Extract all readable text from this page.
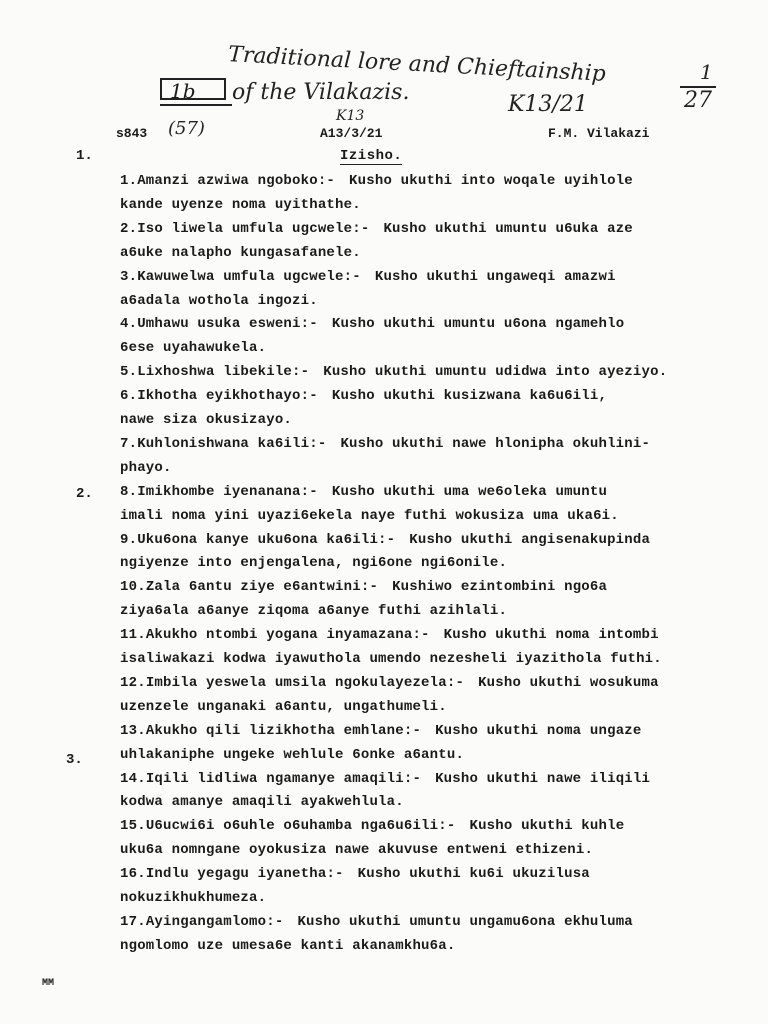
1b
Traditional lore and Chieftainship
of the Vilakazis.	K13/21
1
27
s843 (57)
K13
A13/3/21	F.M. Vilakazi
1.	Izisho.
2.
3.
1.Amanzi azwiwa ngoboko:- Kusho ukuthi into woqale uyihlole
kande uyenze noma uyithathe.
2.Iso liwela umfula ugcwele:- Kusho ukuthi umuntu u6uka aze
a6uke nalapho kungasafanele.
3.Kawuwelwa umfula ugcwele:- Kusho ukuthi ungaweqi amazwi
a6adala wothola ingozi.
4.Umhawu usuka esweni:- Kusho ukuthi umuntu u6ona ngamehlo
6ese uyahawukela.
5.Lixhoshwa libekile:- Kusho ukuthi umuntu udidwa into ayeziyo.
6.Ikhotha eyikhothayo:- Kusho ukuthi kusizwana ka6u6ili,
nawe siza okusizayo.
7.Kuhlonishwana ka6ili:- Kusho ukuthi nawe hlonipha okuhlini-
phayo.
8.Imikhombe iyenanana:- Kusho ukuthi uma we6oleka umuntu
imali noma yini uyazi6ekela naye futhi wokusiza uma uka6i.
9.Uku6ona kanye uku6ona ka6ili:- Kusho ukuthi angisenakupinda
ngiyenze into enjengalena, ngi6one ngi6onile.
10.Zala 6antu ziye e6antwini:- Kushiwo ezintombini ngo6a
ziya6ala a6anye ziqoma a6anye futhi azihlali.
11.Akukho ntombi yogana inyamazana:- Kusho ukuthi noma intombi
isaliwakazi kodwa iyawuthola umendo nezesheli iyazithola futhi.
12.Imbila yeswela umsila ngokulayezela:- Kusho ukuthi wosukuma
uzenzele unganaki a6antu, ungathumeli.
13.Akukho qili lizikhotha emhlane:- Kusho ukuthi noma ungaze
uhlakaniphe ungeke wehlule 6onke a6antu.
14.Iqili lidliwa ngamanye amaqili:- Kusho ukuthi nawe iliqili
kodwa amanye amaqili ayakwehlula.
15.U6ucwi6i o6uhle o6uhamba nga6u6ili:- Kusho ukuthi kuhle
uku6a nomngane oyokusiza nawe akuvuse entweni ethizeni.
16.Indlu yegagu iyanetha:- Kusho ukuthi ku6i ukuzilusa
nokuzikhukhumeza.
17.Ayingangamlomo:- Kusho ukuthi umuntu ungamu6ona ekhuluma
ngomlomo uze umesa6e kanti akanamkhu6a.
MM
